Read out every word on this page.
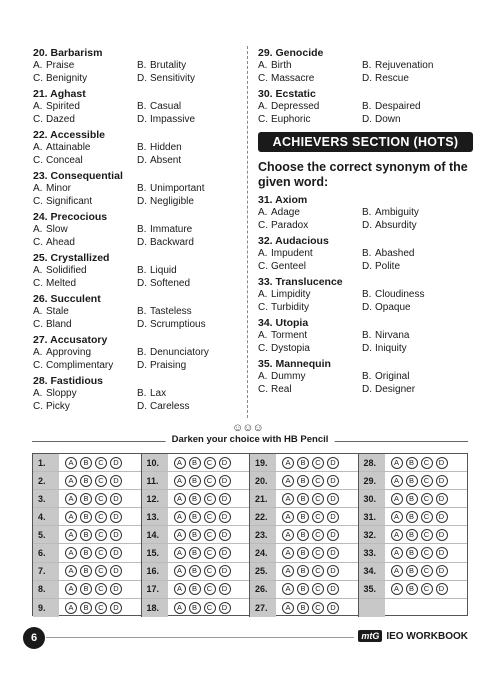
20. Barbarism
A. Praise	B. Brutality
C. Benignity	D. Sensitivity
21. Aghast
A. Spirited	B. Casual
C. Dazed	D. Impassive
22. Accessible
A. Attainable	B. Hidden
C. Conceal	D. Absent
23. Consequential
A. Minor	B. Unimportant
C. Significant	D. Negligible
24. Precocious
A. Slow	B. Immature
C. Ahead	D. Backward
25. Crystallized
A. Solidified	B. Liquid
C. Melted	D. Softened
26. Succulent
A. Stale	B. Tasteless
C. Bland	D. Scrumptious
27. Accusatory
A. Approving	B. Denunciatory
C. Complimentary	D. Praising
28. Fastidious
A. Sloppy	B. Lax
C. Picky	D. Careless
29. Genocide
A. Birth	B. Rejuvenation
C. Massacre	D. Rescue
30. Ecstatic
A. Depressed	B. Despaired
C. Euphoric	D. Down
ACHIEVERS SECTION (HOTS)
Choose the correct synonym of the given word:
31. Axiom
A. Adage	B. Ambiguity
C. Paradox	D. Absurdity
32. Audacious
A. Impudent	B. Abashed
C. Genteel	D. Polite
33. Translucence
A. Limpidity	B. Cloudiness
C. Turbidity	D. Opaque
34. Utopia
A. Torment	B. Nirvana
C. Dystopia	D. Iniquity
35. Mannequin
A. Dummy	B. Original
C. Real	D. Designer
☺☺☺
Darken your choice with HB Pencil
1.	A	B	C	D
2.	A	B	C	D
3.	A	B	C	D
4.	A	B	C	D
5.	A	B	C	D
6.	A	B	C	D
7.	A	B	C	D
8.	A	B	C	D
9.	A	B	C	D
10.	A	B	C	D
11.	A	B	C	D
12.	A	B	C	D
13.	A	B	C	D
14.	A	B	C	D
15.	A	B	C	D
16.	A	B	C	D
17.	A	B	C	D
18.	A	B	C	D
19.	A	B	C	D
20.	A	B	C	D
21.	A	B	C	D
22.	A	B	C	D
23.	A	B	C	D
24.	A	B	C	D
25.	A	B	C	D
26.	A	B	C	D
27.	A	B	C	D
28.	A	B	C	D
29.	A	B	C	D
30.	A	B	C	D
31.	A	B	C	D
32.	A	B	C	D
33.	A	B	C	D
34.	A	B	C	D
35.	A	B	C	D
6	mtG IEO WORKBOOK
